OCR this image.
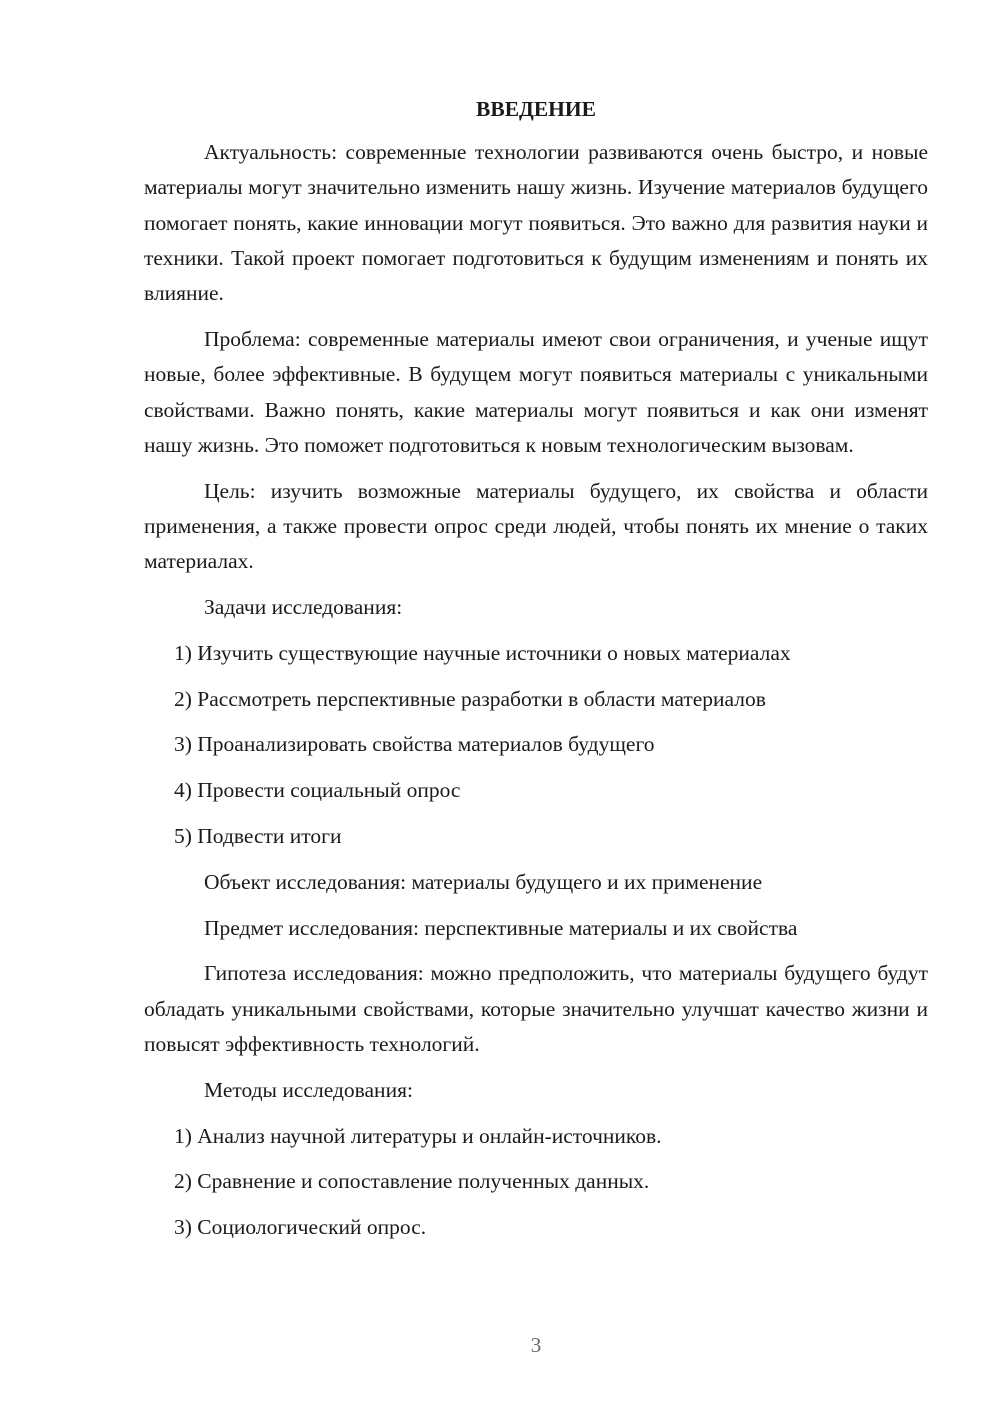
ВВЕДЕНИЕ

Актуальность: современные технологии развиваются очень быстро, и новые материалы могут значительно изменить нашу жизнь. Изучение материалов будущего помогает понять, какие инновации могут появиться. Это важно для развития науки и техники. Такой проект помогает подготовиться к будущим изменениям и понять их влияние.

Проблема: современные материалы имеют свои ограничения, и ученые ищут новые, более эффективные. В будущем могут появиться материалы с уникальными свойствами. Важно понять, какие материалы могут появиться и как они изменят нашу жизнь. Это поможет подготовиться к новым технологическим вызовам.

Цель: изучить возможные материалы будущего, их свойства и области применения, а также провести опрос среди людей, чтобы понять их мнение о таких материалах.

Задачи исследования:
1) Изучить существующие научные источники о новых материалах
2) Рассмотреть перспективные разработки в области материалов
3) Проанализировать свойства материалов будущего
4) Провести социальный опрос
5) Подвести итоги
Объект исследования: материалы будущего и их применение
Предмет исследования: перспективные материалы и их свойства

Гипотеза исследования: можно предположить, что материалы будущего будут обладать уникальными свойствами, которые значительно улучшат качество жизни и повысят эффективность технологий.

Методы исследования:
1) Анализ научной литературы и онлайн-источников.
2) Сравнение и сопоставление полученных данных.
3) Социологический опрос.
3
